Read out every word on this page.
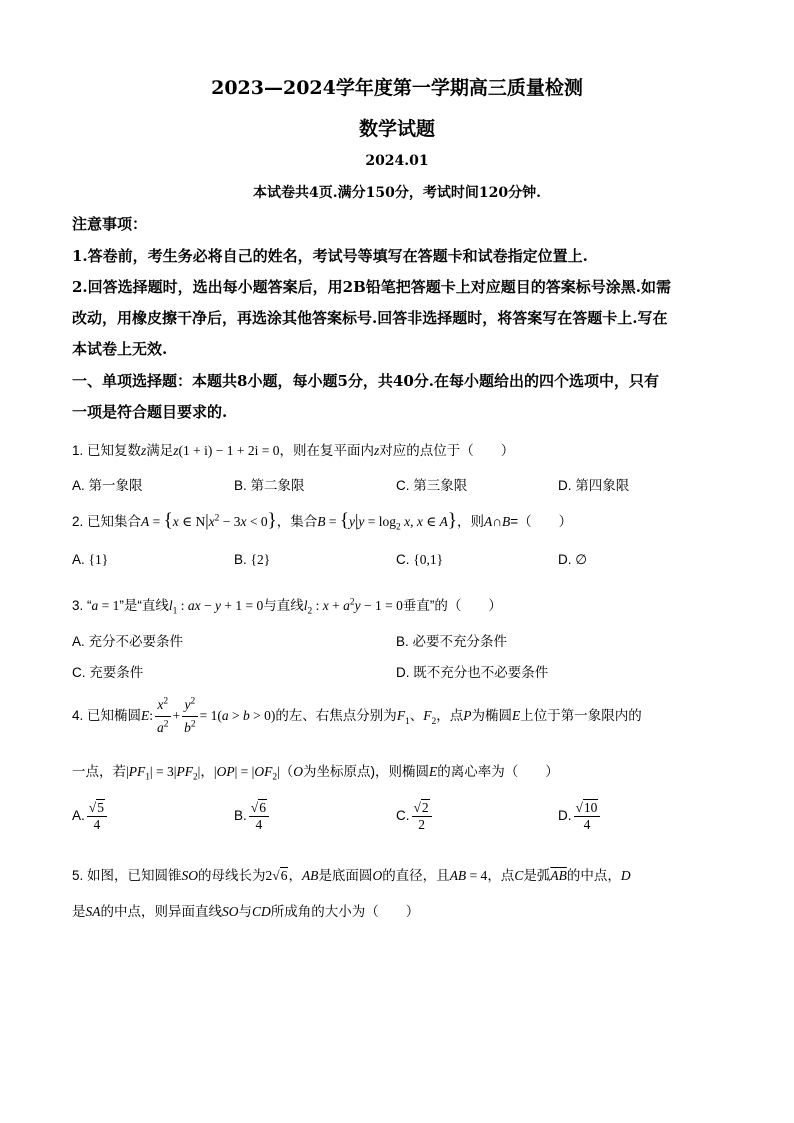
2023—2024学年度第一学期高三质量检测
数学试题
2024.01
本试卷共4页.满分150分，考试时间120分钟.
注意事项：
1.答卷前，考生务必将自己的姓名，考试号等填写在答题卡和试卷指定位置上.
2.回答选择题时，选出每小题答案后，用2B铅笔把答题卡上对应题目的答案标号涂黑.如需
改动，用橡皮擦干净后，再选涂其他答案标号.回答非选择题时，将答案写在答题卡上.写在
本试卷上无效.
一、单项选择题：本题共8小题，每小题5分，共40分.在每小题给出的四个选项中，只有
一项是符合题目要求的.
1. 已知复数z满足z(1 + i) − 1 + 2i = 0，则在复平面内z对应的点位于（　　）
A. 第一象限	B. 第二象限	C. 第三象限	D. 第四象限
2. 已知集合A = {x ∈ $N|x^2 - 3x < 0$}，集合$B = \{y|y = \log_2 x$, x ∈ A}，则A∩B=（　　）
A. {1}	B. {2}	C. {0,1}	D. ∅
3. “a = 1”是“直线$l_1$ : ax − y + 1 = 0与直线$l_2$ : $x + a^2y - 1 = 0$垂直”的（　　）
A. 充分不必要条件	B. 必要不充分条件
C. 充要条件	D. 既不充分也不必要条件
4. 已知椭圆E: $\frac{x^2}{a^2} + \frac{y^2}{b^2} = 1(a > b > 0)$的左、右焦点分别为$F_1$、$F_2$，点P为椭圆E上位于第一象限内的
一点，若$|PF_1| = 3|PF_2|$，$|OP| = |OF_2|(O$为坐标原点)，则椭圆E的离心率为（　　）
A. $\frac{√5}{4}$	B. $\frac{√6}{4}$	C. $\frac{√2}{2}$	D. $\frac{√10}{4}$
5. 如图，已知圆锥SO的母线长为2√6，AB是底面圆O的直径，且AB = 4，点C是弧$\overline{AB}$的中点，D
是SA的中点，则异面直线SO与CD所成角的大小为（　　）
